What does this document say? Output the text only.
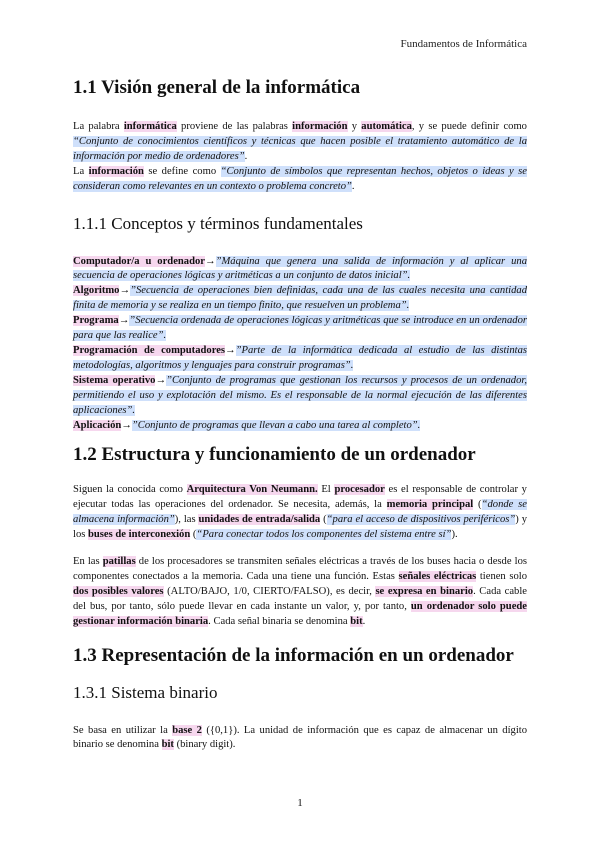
Fundamentos de Informática
1.1 Visión general de la informática

La palabra informática proviene de las palabras información y automática, y se puede definir como “Conjunto de conocimientos científicos y técnicas que hacen posible el tratamiento automático de la información por medio de ordenadores”.

La información se define como “Conjunto de símbolos que representan hechos, objetos o ideas y se consideran como relevantes en un contexto o problema concreto”.

1.1.1 Conceptos y términos fundamentales

Computador/a u ordenador→”Máquina que genera una salida de información y al aplicar una secuencia de operaciones lógicas y aritméticas a un conjunto de datos inicial”.

Algoritmo→”Secuencia de operaciones bien definidas, cada una de las cuales necesita una cantidad finita de memoria y se realiza en un tiempo finito, que resuelven un problema”.

Programa→”Secuencia ordenada de operaciones lógicas y aritméticas que se introduce en un ordenador para que las realice”.

Programación de computadores→”Parte de la informática dedicada al estudio de las distintas metodologías, algoritmos y lenguajes para construir programas”.

Sistema operativo→”Conjunto de programas que gestionan los recursos y procesos de un ordenador, permitiendo el uso y explotación del mismo. Es el responsable de la normal ejecución de las diferentes aplicaciones”.

Aplicación→”Conjunto de programas que llevan a cabo una tarea al completo”.

1.2 Estructura y funcionamiento de un ordenador

Siguen la conocida como Arquitectura Von Neumann. El procesador es el responsable de controlar y ejecutar todas las operaciones del ordenador. Se necesita, además, la memoria principal (“donde se almacena información”), las unidades de entrada/salida (“para el acceso de dispositivos periféricos”) y los buses de interconexión (“Para conectar todos los componentes del sistema entre sí”).

En las patillas de los procesadores se transmiten señales eléctricas a través de los buses hacia o desde los componentes conectados a la memoria. Cada una tiene una función. Estas señales eléctricas tienen solo dos posibles valores (ALTO/BAJO, 1/0, CIERTO/FALSO), es decir, se expresa en binario. Cada cable del bus, por tanto, sólo puede llevar en cada instante un valor, y, por tanto, un ordenador solo puede gestionar información binaria. Cada señal binaria se denomina bit.

1.3 Representación de la información en un ordenador
1.3.1 Sistema binario

Se basa en utilizar la base 2 ({0,1}). La unidad de información que es capaz de almacenar un dígito binario se denomina bit (binary digit).

1
